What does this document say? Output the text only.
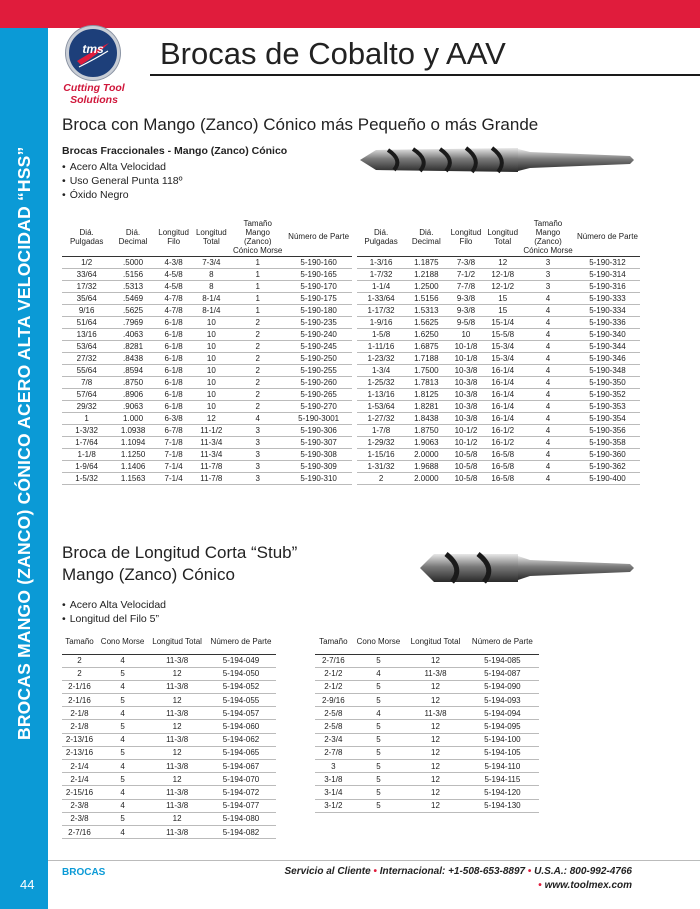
BROCAS MANGO (ZANCO) CÓNICO ACERO ALTA VELOCIDAD “HSS”
44
tms
Cutting Tool
Solutions
Brocas de Cobalto y AAV
Broca con Mango (Zanco) Cónico más Pequeño o más Grande
Brocas Fraccionales - Mango (Zanco) Cónico
• Acero Alta Velocidad
• Uso General Punta 118º
• Óxido Negro
Diá. Pulgadas	Diá. Decimal	Longitud Filo	Longitud Total	Tamaño Mango (Zanco) Cónico Morse	Número de Parte
1/2	.5000	4-3/8	7-3/4	1	5-190-160
33/64	.5156	4-5/8	8	1	5-190-165
17/32	.5313	4-5/8	8	1	5-190-170
35/64	.5469	4-7/8	8-1/4	1	5-190-175
9/16	.5625	4-7/8	8-1/4	1	5-190-180
51/64	.7969	6-1/8	10	2	5-190-235
13/16	.4063	6-1/8	10	2	5-190-240
53/64	.8281	6-1/8	10	2	5-190-245
27/32	.8438	6-1/8	10	2	5-190-250
55/64	.8594	6-1/8	10	2	5-190-255
7/8	.8750	6-1/8	10	2	5-190-260
57/64	.8906	6-1/8	10	2	5-190-265
29/32	.9063	6-1/8	10	2	5-190-270
1	1.000	6-3/8	12	4	5-190-3001
1-3/32	1.0938	6-7/8	11-1/2	3	5-190-306
1-7/64	1.1094	7-1/8	11-3/4	3	5-190-307
1-1/8	1.1250	7-1/8	11-3/4	3	5-190-308
1-9/64	1.1406	7-1/4	11-7/8	3	5-190-309
1-5/32	1.1563	7-1/4	11-7/8	3	5-190-310
Diá. Pulgadas	Diá. Decimal	Longitud Filo	Longitud Total	Tamaño Mango (Zanco) Cónico Morse	Número de Parte
1-3/16	1.1875	7-3/8	12	3	5-190-312
1-7/32	1.2188	7-1/2	12-1/8	3	5-190-314
1-1/4	1.2500	7-7/8	12-1/2	3	5-190-316
1-33/64	1.5156	9-3/8	15	4	5-190-333
1-17/32	1.5313	9-3/8	15	4	5-190-334
1-9/16	1.5625	9-5/8	15-1/4	4	5-190-336
1-5/8	1.6250	10	15-5/8	4	5-190-340
1-11/16	1.6875	10-1/8	15-3/4	4	5-190-344
1-23/32	1.7188	10-1/8	15-3/4	4	5-190-346
1-3/4	1.7500	10-3/8	16-1/4	4	5-190-348
1-25/32	1.7813	10-3/8	16-1/4	4	5-190-350
1-13/16	1.8125	10-3/8	16-1/4	4	5-190-352
1-53/64	1.8281	10-3/8	16-1/4	4	5-190-353
1-27/32	1.8438	10-3/8	16-1/4	4	5-190-354
1-7/8	1.8750	10-1/2	16-1/2	4	5-190-356
1-29/32	1.9063	10-1/2	16-1/2	4	5-190-358
1-15/16	2.0000	10-5/8	16-5/8	4	5-190-360
1-31/32	1.9688	10-5/8	16-5/8	4	5-190-362
2	2.0000	10-5/8	16-5/8	4	5-190-400
Broca de Longitud Corta “Stub”
Mango (Zanco) Cónico
• Acero Alta Velocidad
• Longitud del Filo 5”
Tamaño	Cono Morse	Longitud Total	Número de Parte
2	4	11-3/8	5-194-049
2	5	12	5-194-050
2-1/16	4	11-3/8	5-194-052
2-1/16	5	12	5-194-055
2-1/8	4	11-3/8	5-194-057
2-1/8	5	12	5-194-060
2-13/16	4	11-3/8	5-194-062
2-13/16	5	12	5-194-065
2-1/4	4	11-3/8	5-194-067
2-1/4	5	12	5-194-070
2-15/16	4	11-3/8	5-194-072
2-3/8	4	11-3/8	5-194-077
2-3/8	5	12	5-194-080
2-7/16	4	11-3/8	5-194-082
Tamaño	Cono Morse	Longitud Total	Número de Parte
2-7/16	5	12	5-194-085
2-1/2	4	11-3/8	5-194-087
2-1/2	5	12	5-194-090
2-9/16	5	12	5-194-093
2-5/8	4	11-3/8	5-194-094
2-5/8	5	12	5-194-095
2-3/4	5	12	5-194-100
2-7/8	5	12	5-194-105
3	5	12	5-194-110
3-1/8	5	12	5-194-115
3-1/4	5	12	5-194-120
3-1/2	5	12	5-194-130
BROCAS	Servicio al Cliente • Internacional: +1-508-653-8897 • U.S.A.: 800-992-4766
• www.toolmex.com
